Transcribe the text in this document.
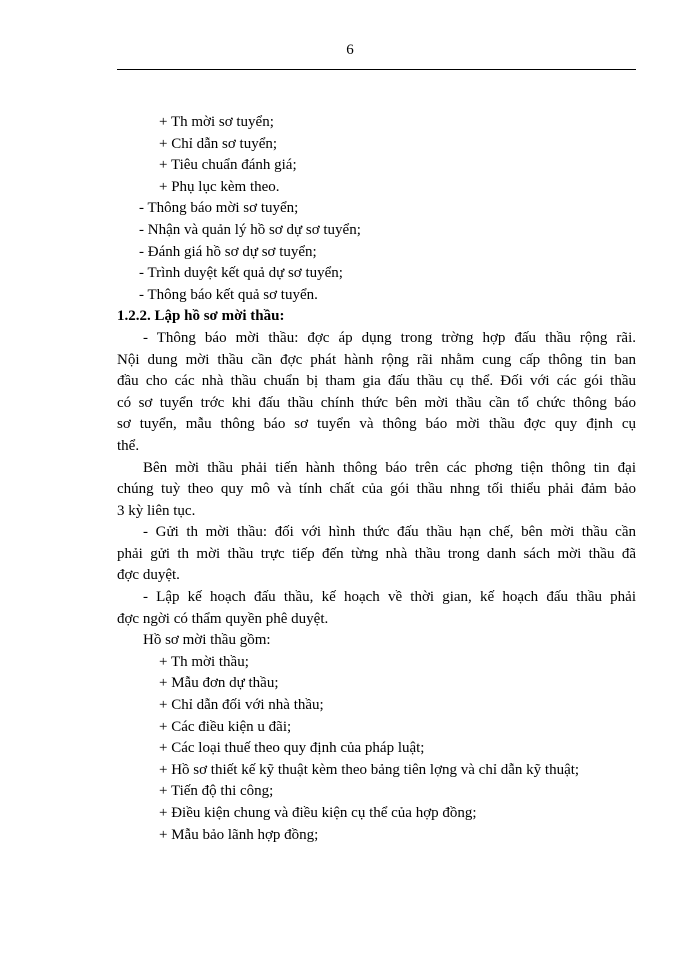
6
+ Th mời sơ tuyển;
+ Chỉ dẫn sơ tuyển;
+ Tiêu chuẩn đánh giá;
+ Phụ lục kèm theo.
- Thông báo mời sơ tuyển;
- Nhận và quản lý hồ sơ dự sơ tuyển;
- Đánh giá hồ sơ dự sơ tuyển;
- Trình duyệt kết quả dự sơ tuyển;
- Thông báo kết quả sơ tuyển.
1.2.2. Lập hồ sơ mời thầu:
- Thông báo mời thầu: đợc áp dụng trong trờng hợp đấu thầu rộng rãi.
Nội dung mời thầu cần đợc phát hành rộng rãi nhằm cung cấp thông tin ban
đầu cho các nhà thầu chuẩn bị tham gia đấu thầu cụ thể. Đối với các gói thầu
có sơ tuyển trớc khi đấu thầu chính thức bên mời thầu cần tổ chức thông báo
sơ tuyển, mẫu thông báo sơ tuyển và thông báo mời thầu đợc quy định cụ
thể.
Bên mời thầu phải tiến hành thông báo trên các phơng tiện thông tin đại
chúng tuỳ theo quy mô và tính chất của gói thầu nhng tối thiểu phải đảm bảo
3 kỳ liên tục.
- Gửi th mời thầu: đối với hình thức đấu thầu hạn chế, bên mời thầu cần
phải gửi th mời thầu trực tiếp đến từng nhà thầu trong danh sách mời thầu đã
đợc duyệt.
- Lập kế hoạch đấu thầu, kế hoạch về thời gian, kế hoạch đấu thầu phải
đợc ngời có thẩm quyền phê duyệt.
Hồ sơ mời thầu gồm:
+ Th mời thầu;
+ Mẫu đơn dự thầu;
+ Chỉ dẫn đối với nhà thầu;
+ Các điều kiện u đãi;
+ Các loại thuế theo quy định của pháp luật;
+ Hồ sơ thiết kế kỹ thuật kèm theo bảng tiên lợng và chỉ dẫn kỹ thuật;
+ Tiến độ thi công;
+ Điều kiện chung và điều kiện cụ thể của hợp đồng;
+ Mẫu bảo lãnh hợp đồng;
